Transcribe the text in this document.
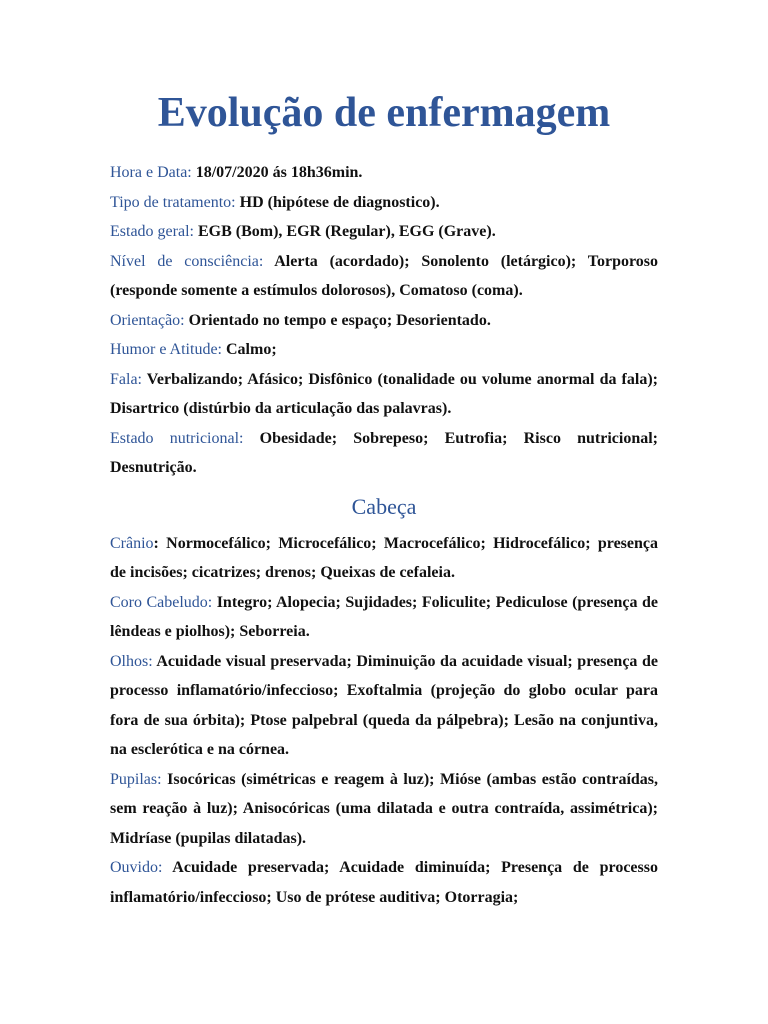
Evolução de enfermagem

Hora e Data: 18/07/2020 ás 18h36min.

Tipo de tratamento: HD (hipótese de diagnostico).

Estado geral: EGB (Bom), EGR (Regular), EGG (Grave).

Nível de consciência: Alerta (acordado); Sonolento (letárgico); Torporoso (responde somente a estímulos dolorosos), Comatoso (coma).

Orientação: Orientado no tempo e espaço; Desorientado.

Humor e Atitude: Calmo;

Fala: Verbalizando; Afásico; Disfônico (tonalidade ou volume anormal da fala); Disartrico (distúrbio da articulação das palavras).

Estado nutricional: Obesidade; Sobrepeso; Eutrofia; Risco nutricional; Desnutrição.

Cabeça

Crânio: Normocefálico; Microcefálico; Macrocefálico; Hidrocefálico; presença de incisões; cicatrizes; drenos; Queixas de cefaleia.

Coro Cabeludo: Integro; Alopecia; Sujidades; Foliculite; Pediculose (presença de lêndeas e piolhos); Seborreia.

Olhos: Acuidade visual preservada; Diminuição da acuidade visual; presença de processo inflamatório/infeccioso; Exoftalmia (projeção do globo ocular para fora de sua órbita); Ptose palpebral (queda da pálpebra); Lesão na conjuntiva, na esclerótica e na córnea.

Pupilas: Isocóricas (simétricas e reagem à luz); Mióse (ambas estão contraídas, sem reação à luz); Anisocóricas (uma dilatada e outra contraída, assimétrica); Midríase (pupilas dilatadas).

Ouvido: Acuidade preservada; Acuidade diminuída; Presença de processo inflamatório/infeccioso; Uso de prótese auditiva; Otorragia;
